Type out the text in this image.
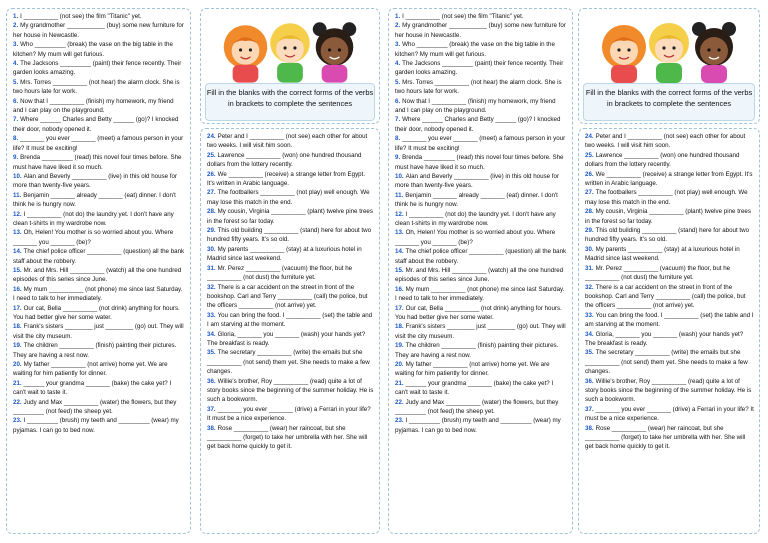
1. I __________ (not see) the film "Titanic" yet.

2. My grandmother ___________ (buy) some new furniture for her house in Newcastle.

3. Who _________ (break) the vase on the big table in the kitchen? My mum will get furious.

4. The Jacksons _________ (paint) their fence recently. Their garden looks amazing.

5. Mrs. Torres __________ (not hear) the alarm clock. She is two hours late for work.

6. Now that I __________ (finish) my homework, my friend and I can play on the playground.

7. Where ______ Charles and Betty ______ (go)? I knocked their door, nobody opened it.

8. _______ you ever _______ (meet) a famous person in your life? It must be exciting!

9. Brenda _________ (read) this novel four times before. She must have have liked it so much.

10. Alan and Beverly __________ (live) in this old house for more than twenty-five years.

11. Benjamin _______ already _______ (eat) dinner. I don't think he is hungry now.

12. I __________ (not do) the laundry yet. I don't have any clean t-shirts in my wardrobe now.

13. Oh, Helen! You mother is so worried about you. Where _______ you _______ (be)?

14. The chief police officer __________ (question) all the bank staff about the robbery.

15. Mr. and Mrs. Hill __________ (watch) all the one hundred episodes of this series since June.

16. My mum __________ (not phone) me since last Saturday. I need to talk to her immediately.

17. Our cat, Bella __________ (not drink) anything for hours. You had better give her some water.

18. Frank's sisters ________ just ________ (go) out. They will visit the city museum.

19. The children __________ (finish) painting their pictures. They are having a rest now.

20. My father __________ (not arrive) home yet. We are waiting for him patiently for dinner.

21. ______ your grandma _______ (bake) the cake yet? I can't wait to taste it.

22. Judy and Max __________ (water) the flowers, but they _________ (not feed) the sheep yet.

23. I _________ (brush) my teeth and _________ (wear) my pyjamas. I can go to bed now.

Fill in the blanks with the correct forms of the verbs in brackets to complete the sentences

24. Peter and I __________ (not see) each other for about two weeks. I will visit him soon.

25. Lawrence __________ (won) one hundred thousand dollars from the lottery recently.

26. We __________ (receive) a strange letter from Egypt. It's written in Arabic language.

27. The footballers __________ (not play) well enough. We may lose this match in the end.

28. My cousin, Virginia __________ (plant) twelve pine trees in the forest so far today.

29. This old building __________ (stand) here for about two hundred fifty years. It's so old.

30. My parents __________ (stay) at a luxurious hotel in Madrid since last weekend.

31. Mr. Perez __________ (vacuum) the floor, but he __________ (not dust) the furniture yet.

32. There is a car accident on the street in front of the bookshop. Carl and Terry __________ (call) the police, but the officers __________ (not arrive) yet.

33. You can bring the food. I __________ (set) the table and I am starving at the moment.

34. Gloria, _______ you _______ (wash) your hands yet? The breakfast is ready.

35. The secretary __________ (write) the emails but she __________ (not send) them yet. She needs to make a few changes.

36. Willie's brother, Roy __________ (read) quite a lot of story books since the beginning of the summer holiday. He is such a bookworm.

37. _______ you ever _______ (drive) a Ferrari in your life? It must be a nice experience.

38. Rose __________ (wear) her raincoat, but she __________ (forget) to take her umbrella with her. She will get back home quickly to get it.

1. I __________ (not see) the film "Titanic" yet.

2. My grandmother ___________ (buy) some new furniture for her house in Newcastle.

3. Who _________ (break) the vase on the big table in the kitchen? My mum will get furious.

4. The Jacksons _________ (paint) their fence recently. Their garden looks amazing.

5. Mrs. Torres __________ (not hear) the alarm clock. She is two hours late for work.

6. Now that I __________ (finish) my homework, my friend and I can play on the playground.

7. Where ______ Charles and Betty ______ (go)? I knocked their door, nobody opened it.

8. _______ you ever _______ (meet) a famous person in your life? It must be exciting!

9. Brenda _________ (read) this novel four times before. She must have have liked it so much.

10. Alan and Beverly __________ (live) in this old house for more than twenty-five years.

11. Benjamin _______ already _______ (eat) dinner. I don't think he is hungry now.

12. I __________ (not do) the laundry yet. I don't have any clean t-shirts in my wardrobe now.

13. Oh, Helen! You mother is so worried about you. Where _______ you _______ (be)?

14. The chief police officer __________ (question) all the bank staff about the robbery.

15. Mr. and Mrs. Hill __________ (watch) all the one hundred episodes of this series since June.

16. My mum __________ (not phone) me since last Saturday. I need to talk to her immediately.

17. Our cat, Bella __________ (not drink) anything for hours. You had better give her some water.

18. Frank's sisters ________ just ________ (go) out. They will visit the city museum.

19. The children __________ (finish) painting their pictures. They are having a rest now.

20. My father __________ (not arrive) home yet. We are waiting for him patiently for dinner.

21. ______ your grandma _______ (bake) the cake yet? I can't wait to taste it.

22. Judy and Max __________ (water) the flowers, but they _________ (not feed) the sheep yet.

23. I _________ (brush) my teeth and _________ (wear) my pyjamas. I can go to bed now.

Fill in the blanks with the correct forms of the verbs in brackets to complete the sentences

24. Peter and I __________ (not see) each other for about two weeks. I will visit him soon.

25. Lawrence __________ (won) one hundred thousand dollars from the lottery recently.

26. We __________ (receive) a strange letter from Egypt. It's written in Arabic language.

27. The footballers __________ (not play) well enough. We may lose this match in the end.

28. My cousin, Virginia __________ (plant) twelve pine trees in the forest so far today.

29. This old building __________ (stand) here for about two hundred fifty years. It's so old.

30. My parents __________ (stay) at a luxurious hotel in Madrid since last weekend.

31. Mr. Perez __________ (vacuum) the floor, but he __________ (not dust) the furniture yet.

32. There is a car accident on the street in front of the bookshop. Carl and Terry __________ (call) the police, but the officers __________ (not arrive) yet.

33. You can bring the food. I __________ (set) the table and I am starving at the moment.

34. Gloria, _______ you _______ (wash) your hands yet? The breakfast is ready.

35. The secretary __________ (write) the emails but she __________ (not send) them yet. She needs to make a few changes.

36. Willie's brother, Roy __________ (read) quite a lot of story books since the beginning of the summer holiday. He is such a bookworm.

37. _______ you ever _______ (drive) a Ferrari in your life? It must be a nice experience.

38. Rose __________ (wear) her raincoat, but she __________ (forget) to take her umbrella with her. She will get back home quickly to get it.
